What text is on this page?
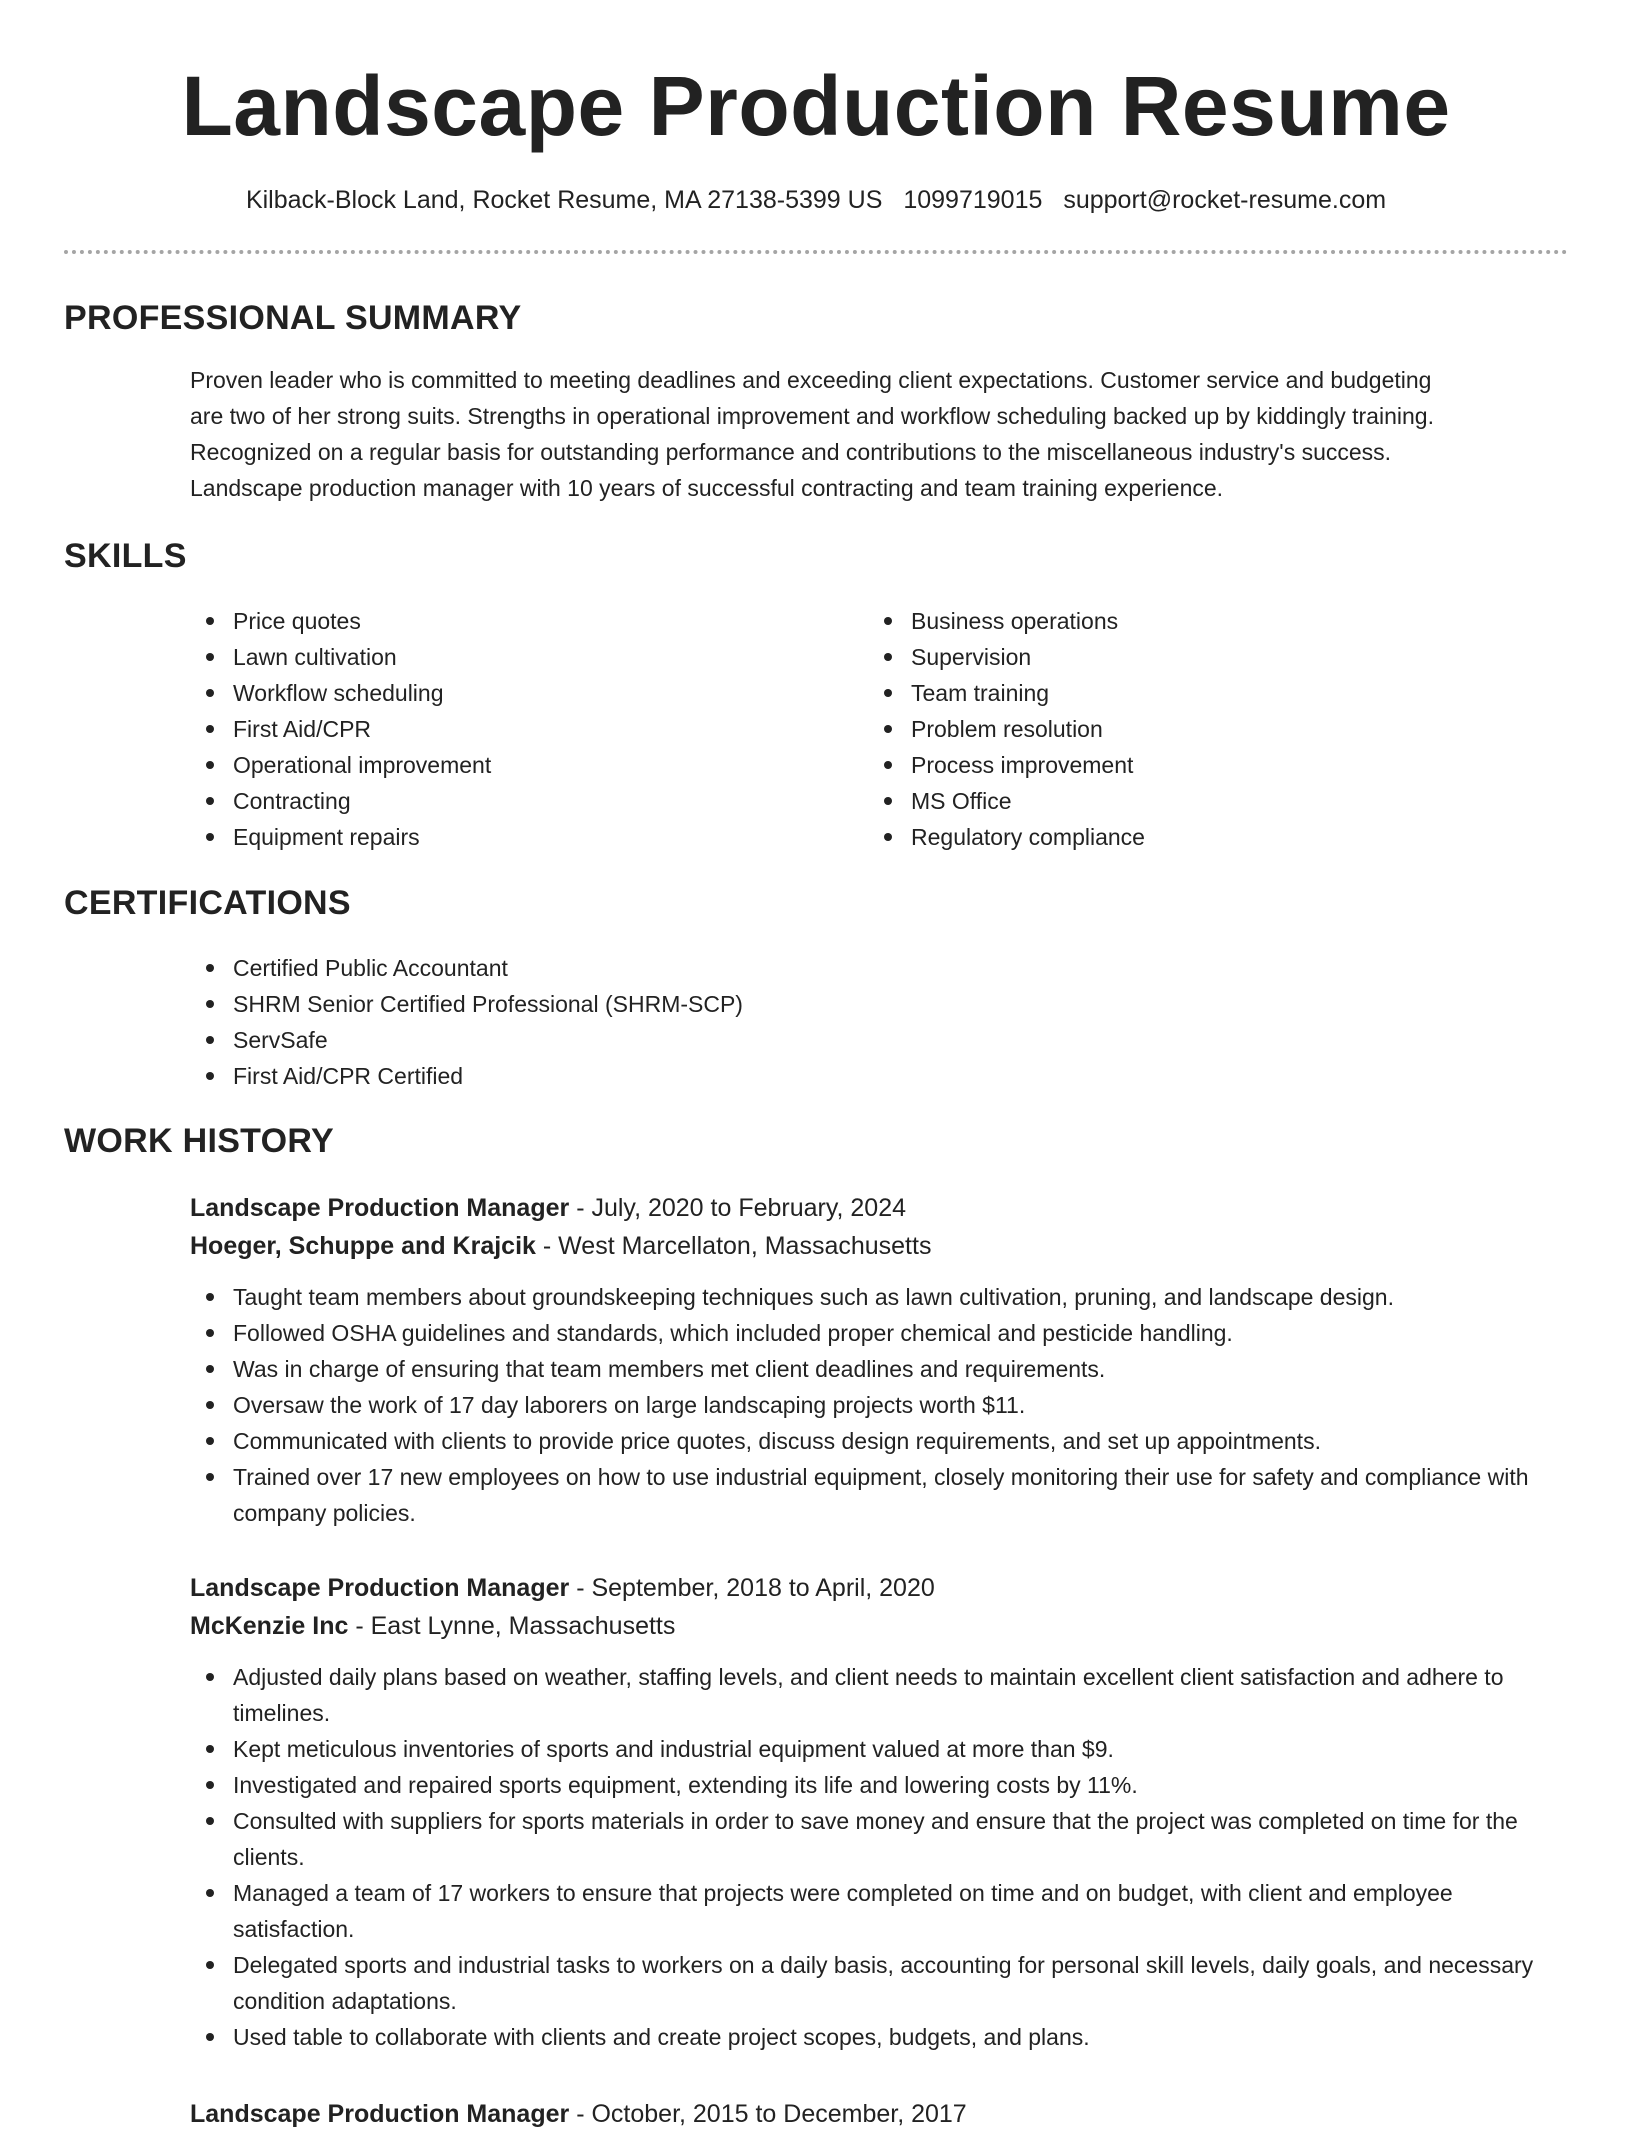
Landscape Production Resume
Kilback-Block Land, Rocket Resume, MA 27138-5399 US 1099719015 support@rocket-resume.com
PROFESSIONAL SUMMARY
Proven leader who is committed to meeting deadlines and exceeding client expectations. Customer service and budgeting
are two of her strong suits. Strengths in operational improvement and workflow scheduling backed up by kiddingly training.
Recognized on a regular basis for outstanding performance and contributions to the miscellaneous industry's success.
Landscape production manager with 10 years of successful contracting and team training experience.
SKILLS
Price quotes
Lawn cultivation
Workflow scheduling
First Aid/CPR
Operational improvement
Contracting
Equipment repairs
Business operations
Supervision
Team training
Problem resolution
Process improvement
MS Office
Regulatory compliance
CERTIFICATIONS
Certified Public Accountant
SHRM Senior Certified Professional (SHRM-SCP)
ServSafe
First Aid/CPR Certified
WORK HISTORY
Landscape Production Manager - July, 2020 to February, 2024
Hoeger, Schuppe and Krajcik - West Marcellaton, Massachusetts
Taught team members about groundskeeping techniques such as lawn cultivation, pruning, and landscape design.
Followed OSHA guidelines and standards, which included proper chemical and pesticide handling.
Was in charge of ensuring that team members met client deadlines and requirements.
Oversaw the work of 17 day laborers on large landscaping projects worth $11.
Communicated with clients to provide price quotes, discuss design requirements, and set up appointments.
Trained over 17 new employees on how to use industrial equipment, closely monitoring their use for safety and compliance with company policies.
Landscape Production Manager - September, 2018 to April, 2020
McKenzie Inc - East Lynne, Massachusetts
Adjusted daily plans based on weather, staffing levels, and client needs to maintain excellent client satisfaction and adhere to timelines.
Kept meticulous inventories of sports and industrial equipment valued at more than $9.
Investigated and repaired sports equipment, extending its life and lowering costs by 11%.
Consulted with suppliers for sports materials in order to save money and ensure that the project was completed on time for the clients.
Managed a team of 17 workers to ensure that projects were completed on time and on budget, with client and employee satisfaction.
Delegated sports and industrial tasks to workers on a daily basis, accounting for personal skill levels, daily goals, and necessary condition adaptations.
Used table to collaborate with clients and create project scopes, budgets, and plans.
Landscape Production Manager - October, 2015 to December, 2017
